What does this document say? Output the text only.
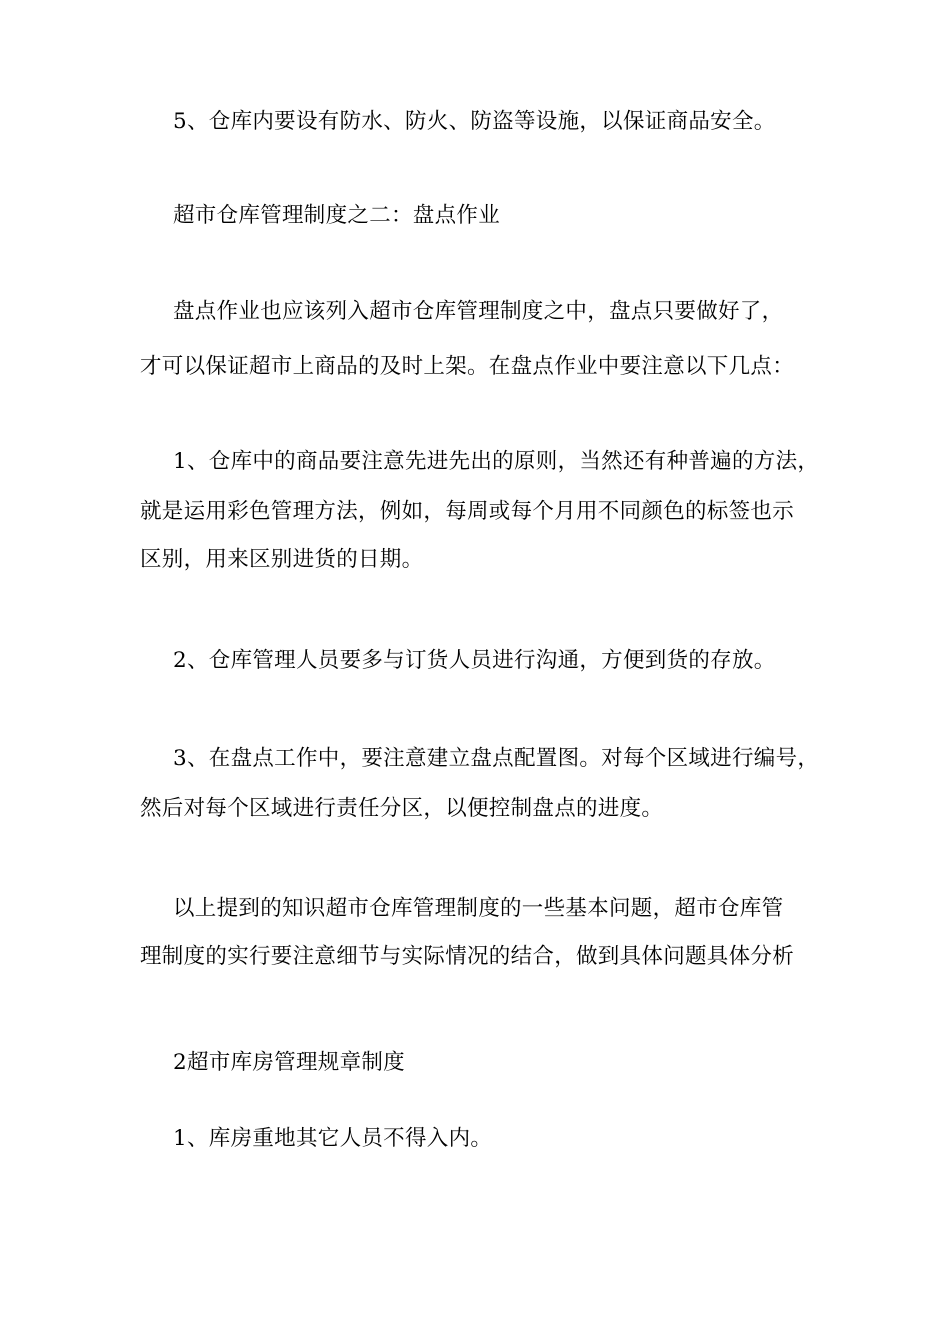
5、仓库内要设有防水、防火、防盗等设施，以保证商品安全。
超市仓库管理制度之二：盘点作业
盘点作业也应该列入超市仓库管理制度之中，盘点只要做好了，
才可以保证超市上商品的及时上架。在盘点作业中要注意以下几点：
1、仓库中的商品要注意先进先出的原则，当然还有种普遍的方法，
就是运用彩色管理方法，例如，每周或每个月用不同颜色的标签也示
区别，用来区别进货的日期。
2、仓库管理人员要多与订货人员进行沟通，方便到货的存放。
3、在盘点工作中，要注意建立盘点配置图。对每个区域进行编号，
然后对每个区域进行责任分区，以便控制盘点的进度。
以上提到的知识超市仓库管理制度的一些基本问题，超市仓库管
理制度的实行要注意细节与实际情况的结合，做到具体问题具体分析
2超市库房管理规章制度
1、库房重地其它人员不得入内。
